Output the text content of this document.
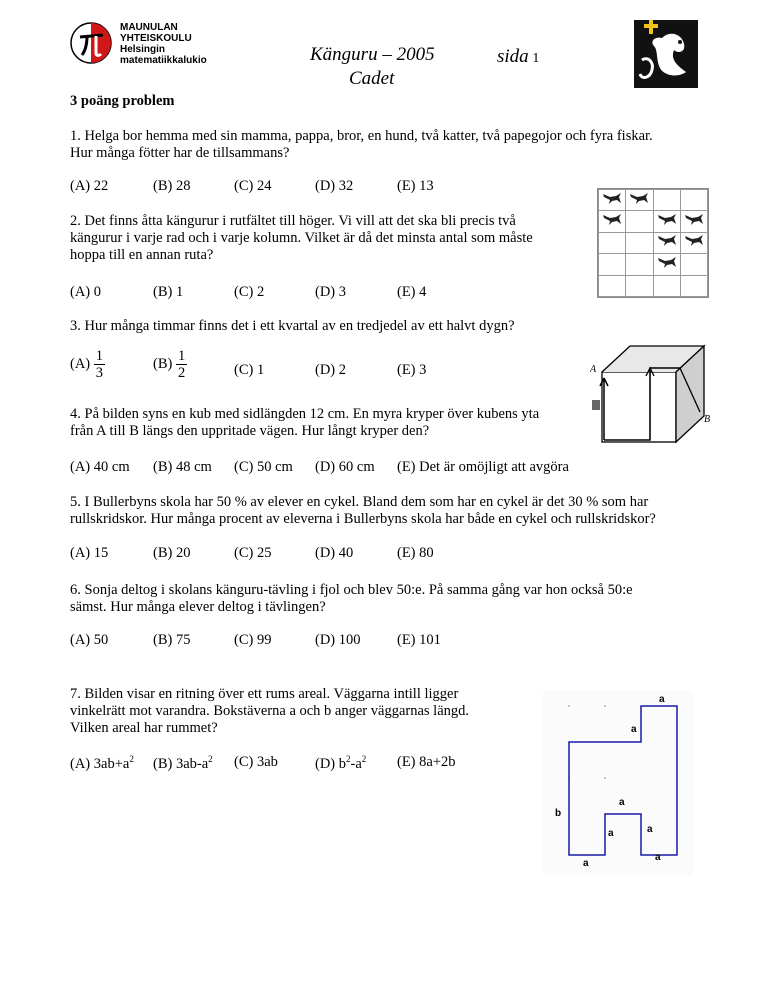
MAUNULAN
YHTEISKOULU
Helsingin
matematiikkalukio	Känguru – 2005
Cadet
sida 1
3 poäng problem
1. Helga bor hemma med sin mamma, pappa, bror, en hund, två katter, två papegojor och fyra fiskar.
Hur många fötter har de tillsammans?
(A) 22	(B) 28	(C) 24	(D) 32	(E) 13
2. Det finns åtta kängurur i rutfältet till höger. Vi vill att det ska bli precis två
kängurur i varje rad och i varje kolumn. Vilket är då det minsta antal som måste
hoppa till en annan ruta?
(A) 0	(B) 1	(C) 2	(D) 3	(E) 4

3. Hur många timmar finns det i ett kvartal av en tredjedel av ett halvt dygn?
$(A) \frac{1}{3}$	$(B) \frac{1}{2}$	(C) 1	(D) 2	(E) 3	A
B
4. På bilden syns en kub med sidlängden 12 cm. En myra kryper över kubens yta
från A till B längs den uppritade vägen. Hur långt kryper den?
(A) 40 cm (B) 48 cm (C) 50 cm (D) 60 cm (E) Det är omöjligt att avgöra
5. I Bullerbyns skola har 50 % av elever en cykel. Bland dem som har en cykel är det 30 % som har
rullskridskor. Hur många procent av eleverna i Bullerbyns skola har både en cykel och rullskridskor?
(A) 15	(B) 20	(C) 25	(D) 40	(E) 80
6. Sonja deltog i skolans känguru-tävling i fjol och blev 50:e. På samma gång var hon också 50:e
sämst. Hur många elever deltog i tävlingen?
(A) 50	(B) 75	(C) 99	(D) 100	(E) 101
7. Bilden visar en ritning över ett rums areal. Väggarna intill ligger
vinkelrätt mot varandra. Bokstäverna a och b anger väggarnas längd.
Vilken areal har rummet?
(A) $3ab+a^2$ (B) $3ab-a^2$ (C) 3ab	(D) $b^2-a^2$ (E) 8a+2b
a
a
b
a
a	a
a
a
